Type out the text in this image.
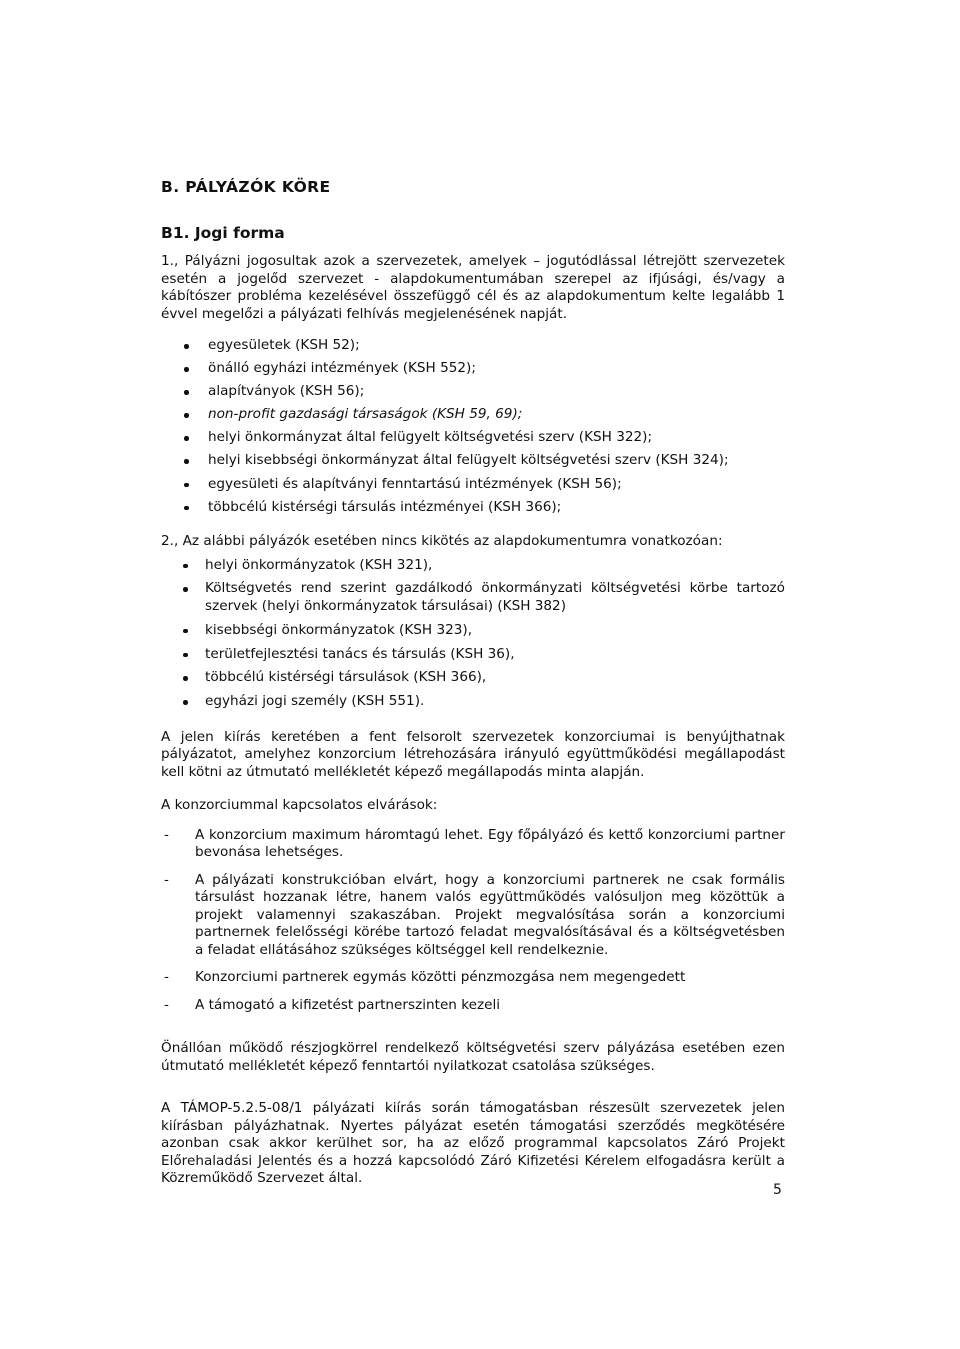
B. PÁLYÁZÓK KÖRE
B1. Jogi forma

1., Pályázni jogosultak azok a szervezetek, amelyek – jogutódlással létrejött szervezetek esetén a jogelőd szervezet - alapdokumentumában szerepel az ifjúsági, és/vagy a kábítószer probléma kezelésével összefüggő cél és az alapdokumentum kelte legalább 1 évvel megelőzi a pályázati felhívás megjelenésének napját.

egyesületek (KSH 52);
önálló egyházi intézmények (KSH 552);
alapítványok (KSH 56);
non-profit gazdasági társaságok (KSH 59, 69);
helyi önkormányzat által felügyelt költségvetési szerv (KSH 322);
helyi kisebbségi önkormányzat által felügyelt költségvetési szerv (KSH 324);
egyesületi és alapítványi fenntartású intézmények (KSH 56);
többcélú kistérségi társulás intézményei (KSH 366);

2., Az alábbi pályázók esetében nincs kikötés az alapdokumentumra vonatkozóan:

helyi önkormányzatok (KSH 321),
Költségvetés rend szerint gazdálkodó önkormányzati költségvetési körbe tartozó szervek (helyi önkormányzatok társulásai) (KSH 382)
kisebbségi önkormányzatok (KSH 323),
területfejlesztési tanács és társulás (KSH 36),
többcélú kistérségi társulások (KSH 366),
egyházi jogi személy (KSH 551).

A jelen kiírás keretében a fent felsorolt szervezetek konzorciumai is benyújthatnak pályázatot, amelyhez konzorcium létrehozására irányuló együttműködési megállapodást kell kötni az útmutató mellékletét képező megállapodás minta alapján.

A konzorciummal kapcsolatos elvárások:

- A konzorcium maximum háromtagú lehet. Egy főpályázó és kettő konzorciumi partner bevonása lehetséges.
- A pályázati konstrukcióban elvárt, hogy a konzorciumi partnerek ne csak formális társulást hozzanak létre, hanem valós együttműködés valósuljon meg közöttük a projekt valamennyi szakaszában. Projekt megvalósítása során a konzorciumi partnernek felelősségi körébe tartozó feladat megvalósításával és a költségvetésben a feladat ellátásához szükséges költséggel kell rendelkeznie.
- Konzorciumi partnerek egymás közötti pénzmozgása nem megengedett
- A támogató a kifizetést partnerszinten kezeli

Önállóan működő részjogkörrel rendelkező költségvetési szerv pályázása esetében ezen útmutató mellékletét képező fenntartói nyilatkozat csatolása szükséges.

A TÁMOP-5.2.5-08/1 pályázati kiírás során támogatásban részesült szervezetek jelen kiírásban pályázhatnak. Nyertes pályázat esetén támogatási szerződés megkötésére azonban csak akkor kerülhet sor, ha az előző programmal kapcsolatos Záró Projekt Előrehaladási Jelentés és a hozzá kapcsolódó Záró Kifizetési Kérelem elfogadásra került a Közreműködő Szervezet által.

5
